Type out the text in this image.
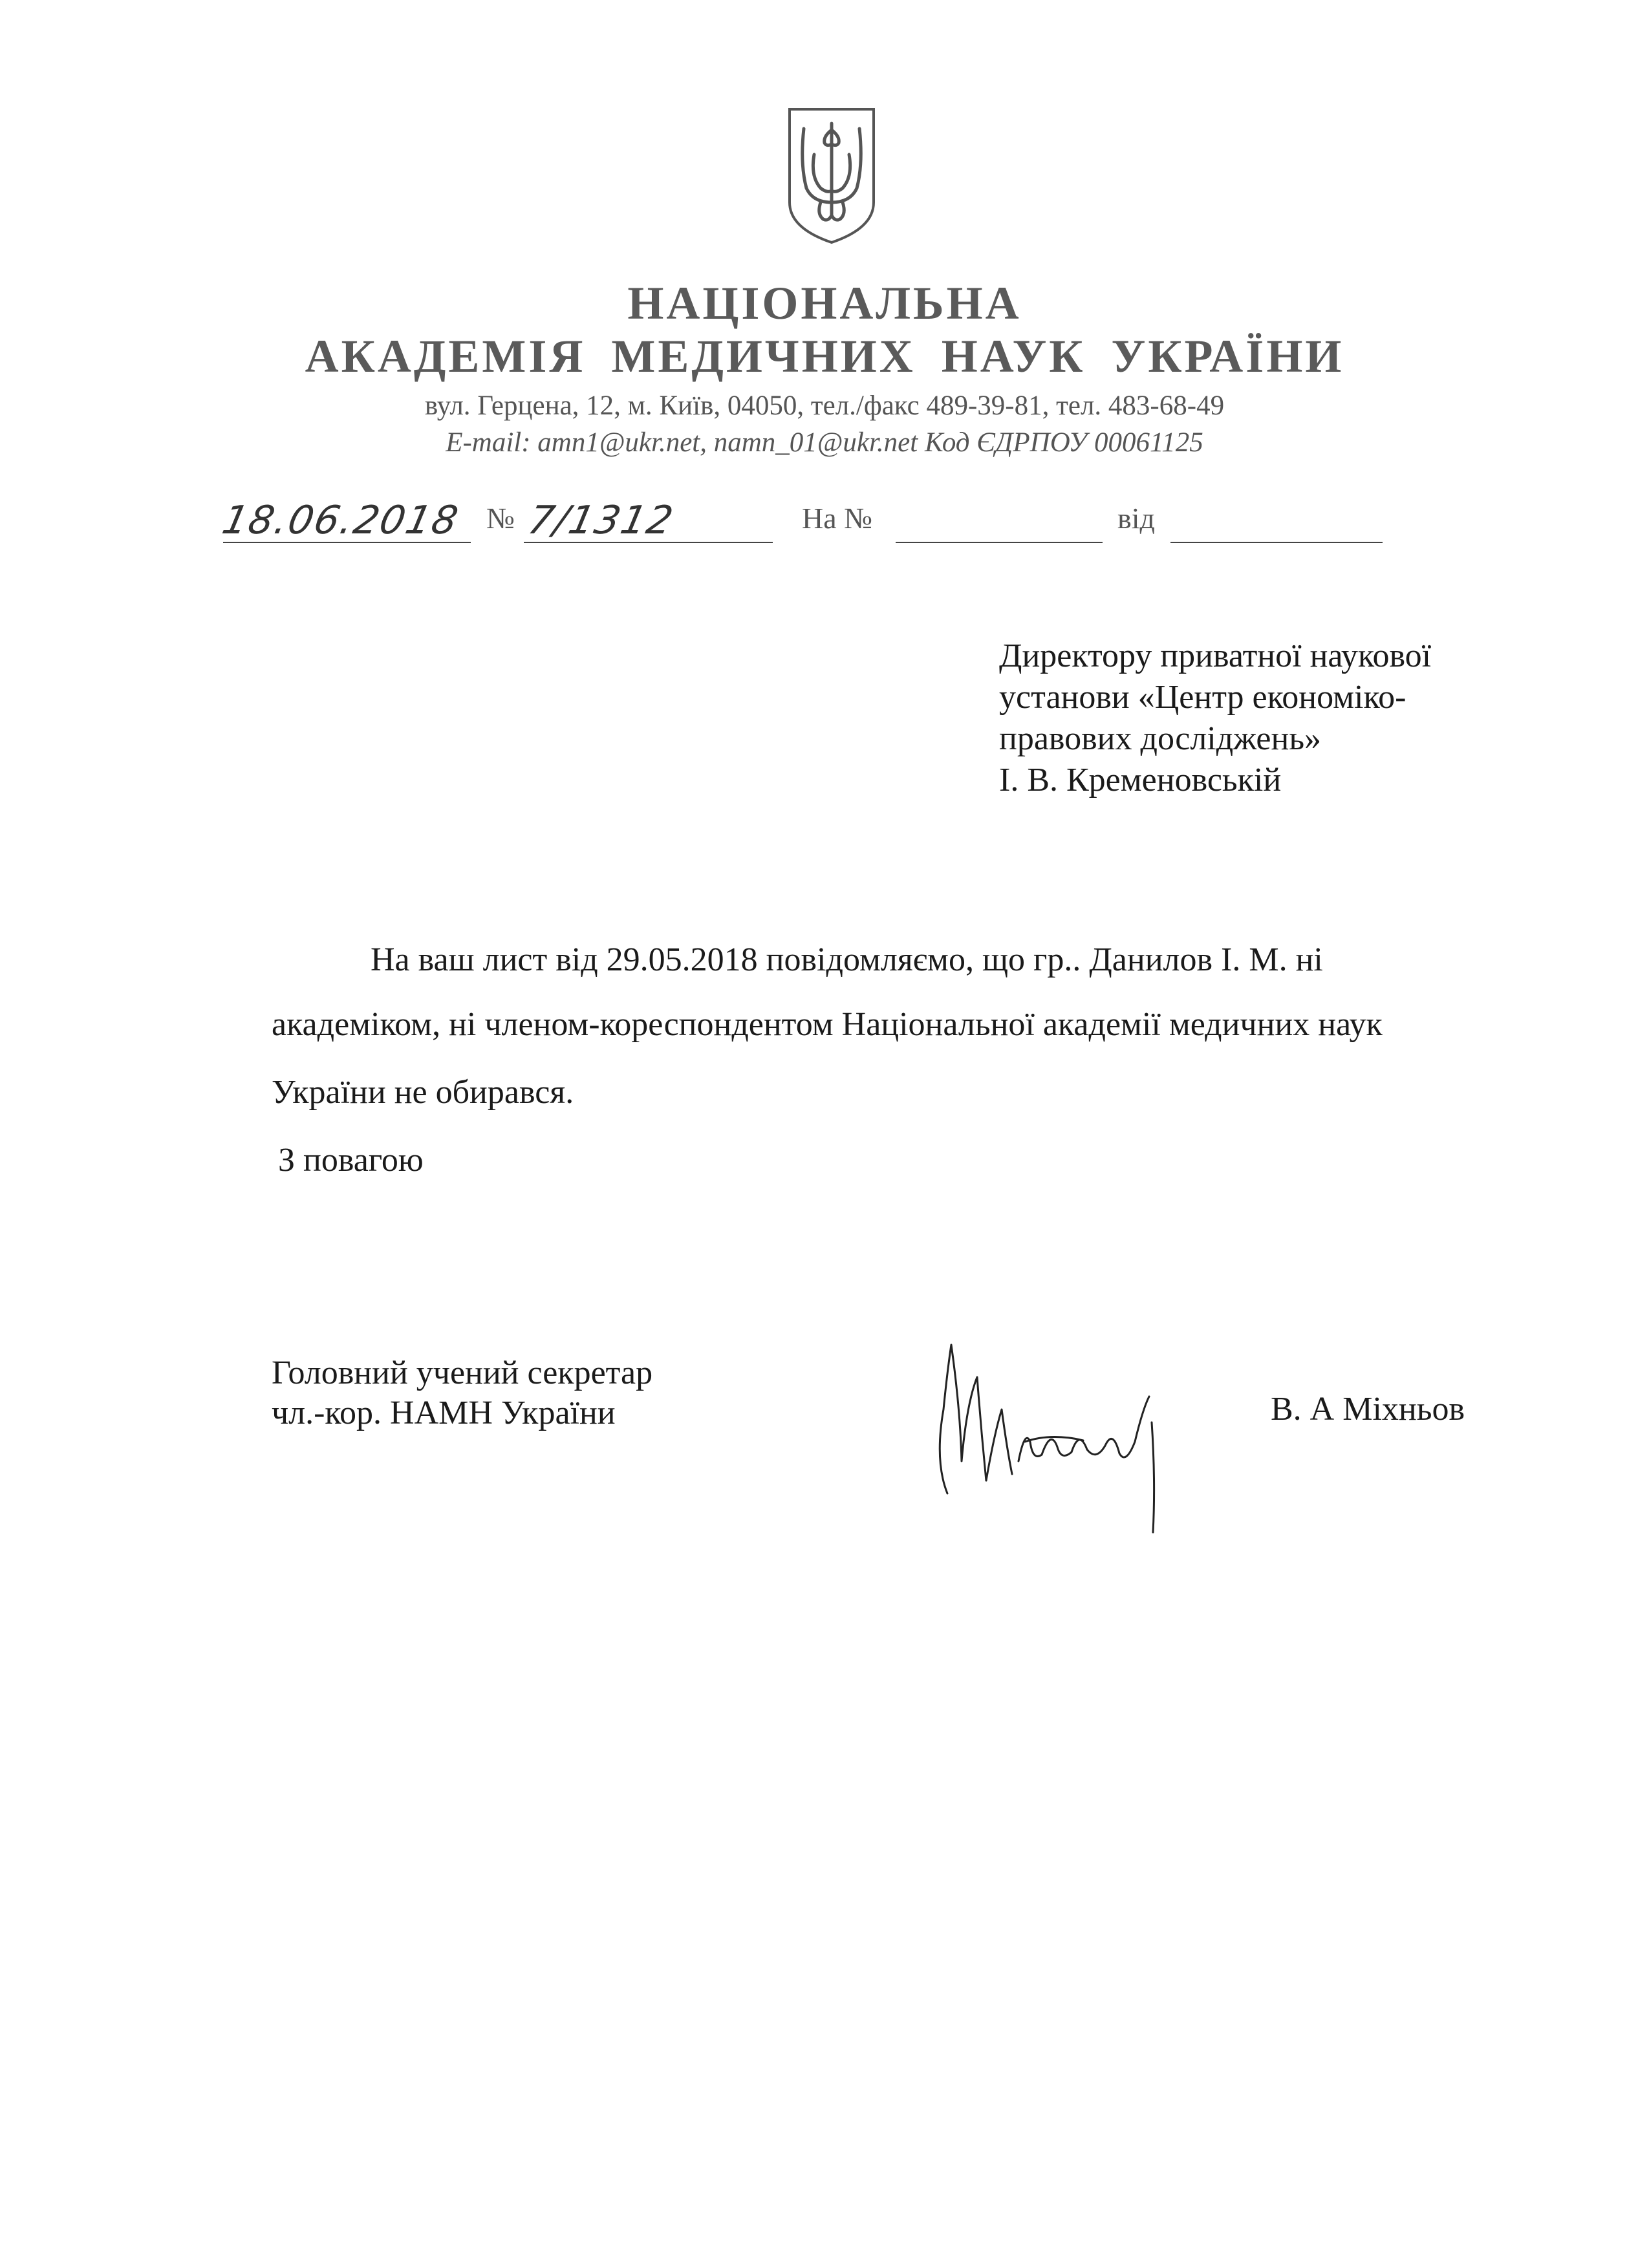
НАЦІОНАЛЬНА
АКАДЕМІЯ МЕДИЧНИХ НАУК УКРАЇНИ
вул. Герцена, 12, м. Київ, 04050, тел./факс 489-39-81, тел. 483-68-49
E-mail: amn1@ukr.net, namn_01@ukr.net Код ЄДРПОУ 00061125
18.06.2018 № 7/1312	На №	від
Директору приватної наукової
установи «Центр економіко-
правових досліджень»
І. В. Кременовській
На ваш лист від 29.05.2018 повідомляємо, що гр.. Данилов І. М. ні
академіком, ні членом-кореспондентом Національної академії медичних наук
України не обирався.
З повагою
Головний учений секретар
чл.-кор. НАМН України	В. А Міхньов
